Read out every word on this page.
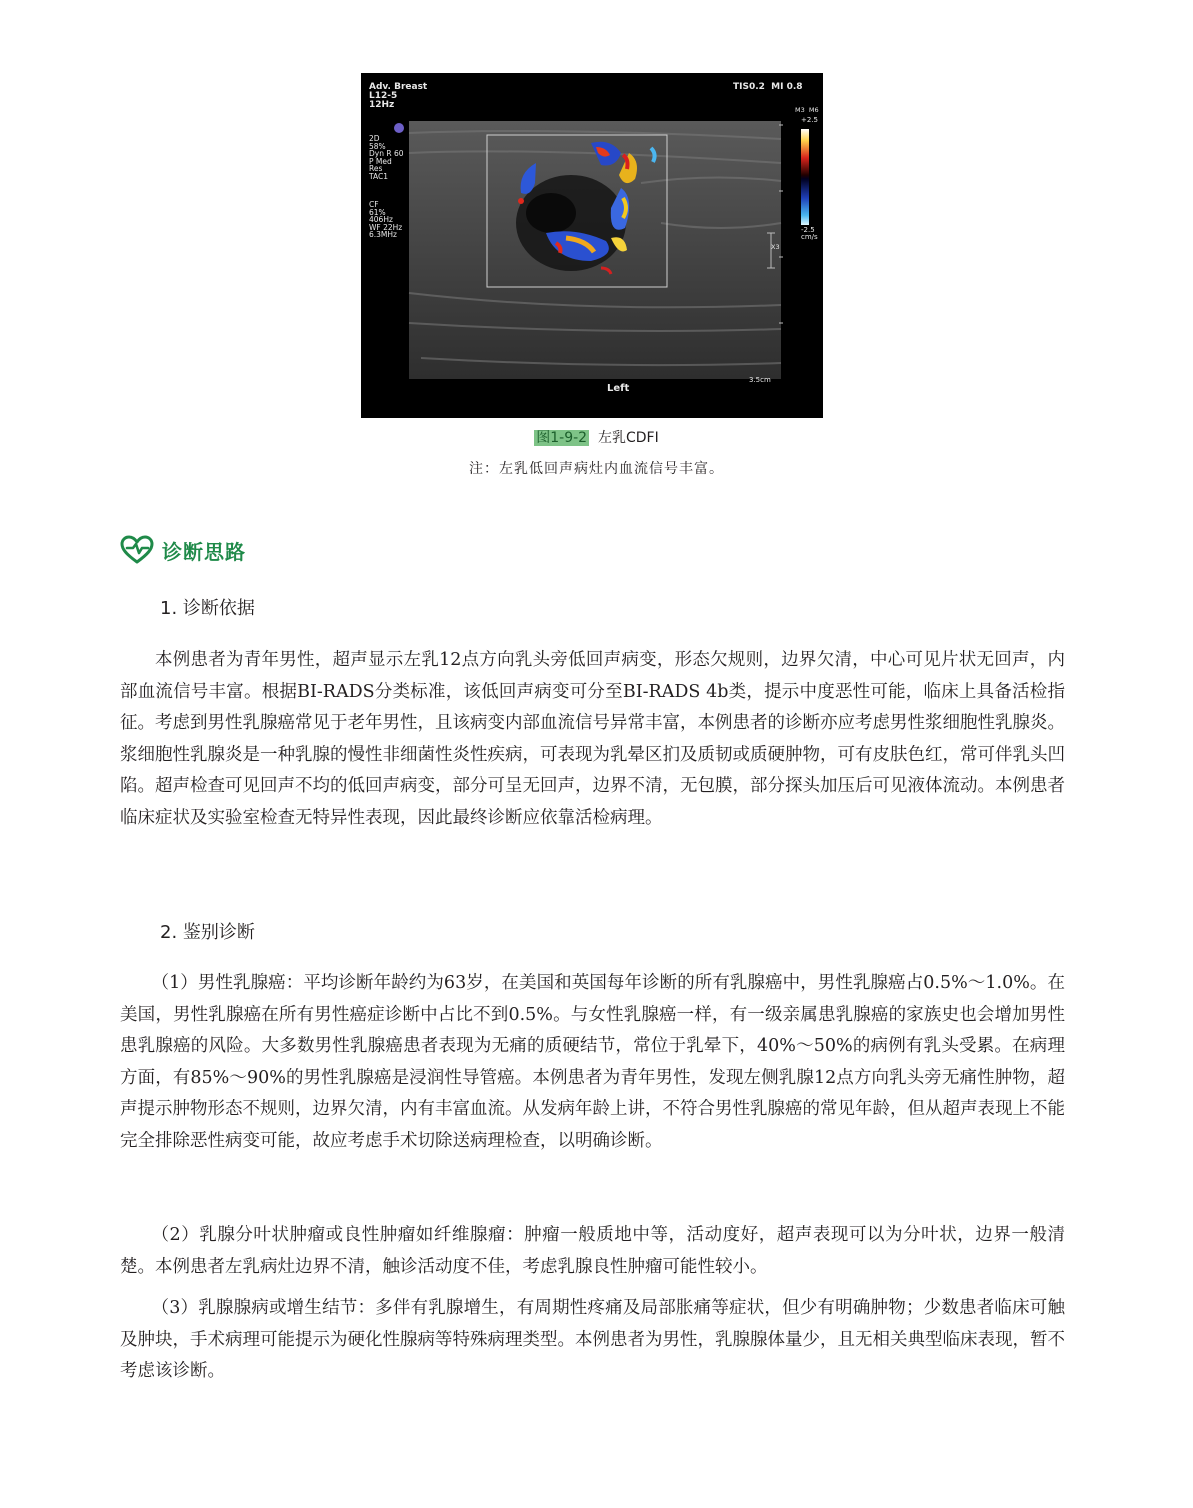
Adv. Breast
L12-5
12Hz
TIS0.2  MI 0.8
2D
58%
Dyn R 60
P Med
Res
TAC1
CF
61%
406Hz
WF 22Hz
6.3MHz
M3  M6
+2.5
-2.5
cm/s
X3
Left
3.5cm
图1-9-2 左乳CDFI
注：左乳低回声病灶内血流信号丰富。
诊断思路
1. 诊断依据

本例患者为青年男性，超声显示左乳12点方向乳头旁低回声病变，形态欠规则，边界欠清，中心可见片状无回声，内部血流信号丰富。根据BI-RADS分类标准，该低回声病变可分至BI-RADS 4b类，提示中度恶性可能，临床上具备活检指征。考虑到男性乳腺癌常见于老年男性，且该病变内部血流信号异常丰富，本例患者的诊断亦应考虑男性浆细胞性乳腺炎。浆细胞性乳腺炎是一种乳腺的慢性非细菌性炎性疾病，可表现为乳晕区扪及质韧或质硬肿物，可有皮肤色红，常可伴乳头凹陷。超声检查可见回声不均的低回声病变，部分可呈无回声，边界不清，无包膜，部分探头加压后可见液体流动。本例患者临床症状及实验室检查无特异性表现，因此最终诊断应依靠活检病理。

2. 鉴别诊断

（1）男性乳腺癌：平均诊断年龄约为63岁，在美国和英国每年诊断的所有乳腺癌中，男性乳腺癌占0.5%～1.0%。在美国，男性乳腺癌在所有男性癌症诊断中占比不到0.5%。与女性乳腺癌一样，有一级亲属患乳腺癌的家族史也会增加男性患乳腺癌的风险。大多数男性乳腺癌患者表现为无痛的质硬结节，常位于乳晕下，40%～50%的病例有乳头受累。在病理方面，有85%～90%的男性乳腺癌是浸润性导管癌。本例患者为青年男性，发现左侧乳腺12点方向乳头旁无痛性肿物，超声提示肿物形态不规则，边界欠清，内有丰富血流。从发病年龄上讲，不符合男性乳腺癌的常见年龄，但从超声表现上不能完全排除恶性病变可能，故应考虑手术切除送病理检查，以明确诊断。

（2）乳腺分叶状肿瘤或良性肿瘤如纤维腺瘤：肿瘤一般质地中等，活动度好，超声表现可以为分叶状，边界一般清楚。本例患者左乳病灶边界不清，触诊活动度不佳，考虑乳腺良性肿瘤可能性较小。

（3）乳腺腺病或增生结节：多伴有乳腺增生，有周期性疼痛及局部胀痛等症状，但少有明确肿物；少数患者临床可触及肿块，手术病理可能提示为硬化性腺病等特殊病理类型。本例患者为男性，乳腺腺体量少，且无相关典型临床表现，暂不考虑该诊断。
